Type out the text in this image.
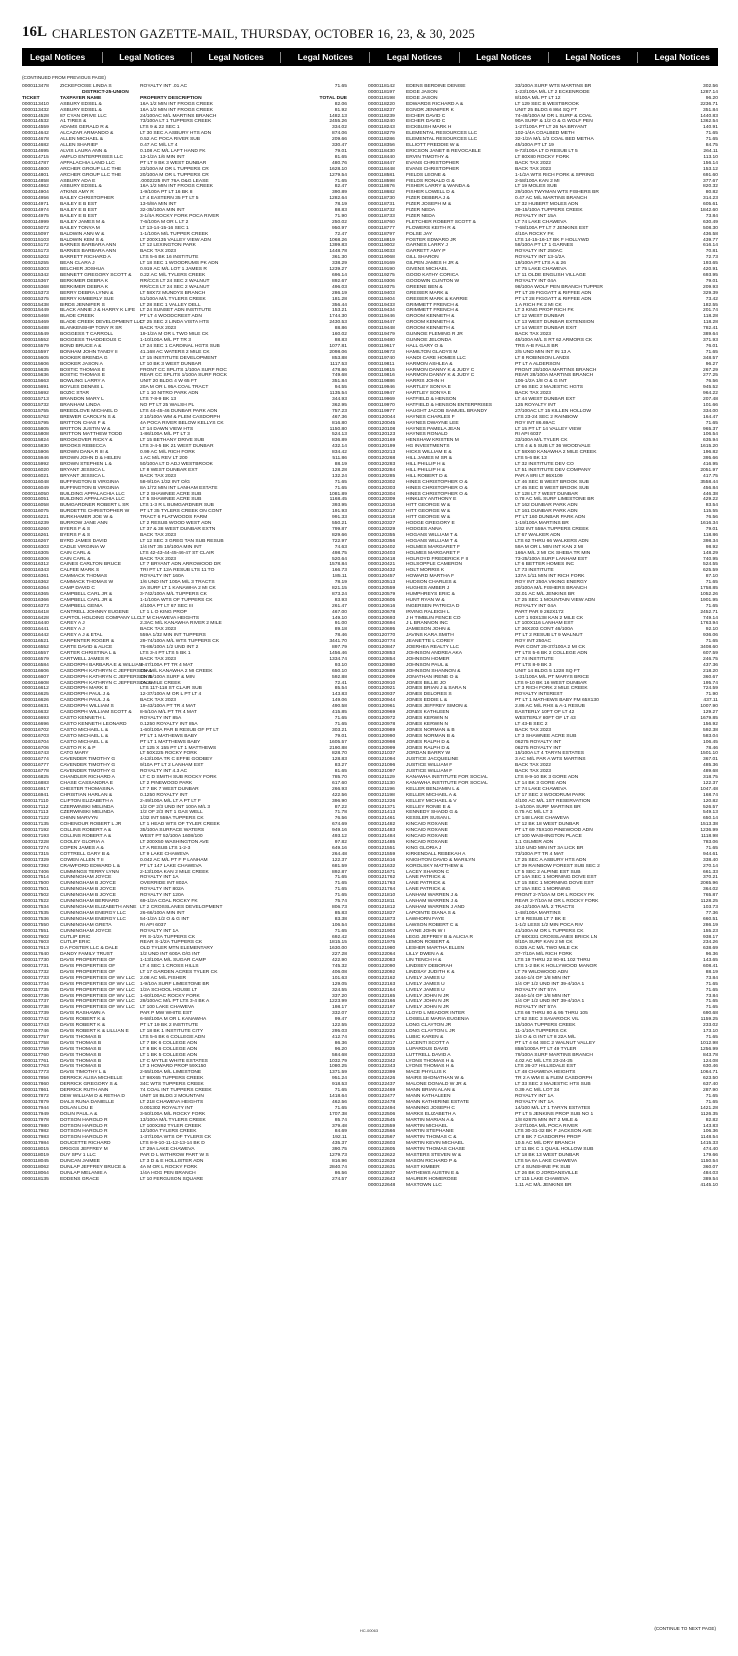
16L CHARLESTON GAZETTE-MAIL, THURSDAY, OCTOBER 16, 23, & 30, 2025
Legal Notices	Legal Notices	Legal Notices	Legal Notices	Legal Notices	Legal Notices	Legal Notices	Legal Notices
(CONTINUED FROM PREVIOUS PAGE)
0000113478	ZICKEFOOSE LINDA S	ROYALTY INT .01 AC	71.65
DISTRICT-25-UNION
TICKET	TAXPAYER NAME	PROPERTY DESCRIPTION	TOTAL DUE
0000113410	ASBURY EDSEL &	16A 1/2 MIN INT FROGS CREEK	82.06
0000113432	ASBURY EDSEL &	16A 1/2 MIN INT FROGS CREEK	81.92
0000114528	87 CYAN DRIVE LLC	24/100AC M/L MARTINS BRANCH	1482.13
0000114532	A1 TIRES &	73/100A LT 1 TUPPERS CREEK	2455.26
0000114559	ADAMS GERALD R &	LTS 9 & 22 SEC 1	334.02
0000114642	ALCAZAR ARMANDO &	LT 30 SEC A ASBURY HTS ADN	874.06
0000114678	ALLEN MICHAEL &	0.52 AC POCA RIVER SUB	209.66
0000114682	ALLEN SHARIEF	0.47 AC M/L LT 4	330.47
0000114695	ALVIS LAURA ANN &	0.108 AC M/L LAFT HAND FK	79.01
0000114715	AMFLO ENTERPRISES LLC	13-1/2A 1/6 MIN INT	81.65
0000114787	APPALACHIA LAND LLC	PT LT 9 BK 3 WEST DUNBAR	480.76
0000114800	ARCHER GROUP LLC THE	23/100A M OR L TUPPERS CR	1628.10
0000114801	ARCHER GROUP LLC THE	20/100A M OR L TUPPERS CR	1279.54
0000114858	ASBURY ADA E	.0002225 INT 76A O&G LEASE	71.65
0000114862	ASBURY EDSEL &	16A 1/2 MIN INT FROGS CREEK	82.47
0000114904	ATKINS AMY R	1-9/100A PT LT 16 BK 8	390.89
0000114956	BAILEY CHRISTOPHER	LT 4 EASTERN 35 FT LT 5	1282.64
0000114971	BAILEY E B EST	13-5/8A MIN INT	78.19
0000114974	BAILEY E B EST	32-35/100A MIN INT	88.83
0000114975	BAILEY E B EST	3-1/4A ROCKY FORK POCA RIVER	71.90
0000114999	BAILEY JAMES M &	7-6/100A M OR L LT 2	250.02
0000115072	BAILEY TONYA M	LT 13-14-15-16 SEC 1	950.97
0000115097	BALDWIN ANN W &	1-1/100A M/L TUPPER CREEK	72.47
0000115103	BALDWIN KEM S &	LT 200X135 VALLEY VIEW ADN	1068.26
0000115172	BARNES BARBARA ANN	LT 12 LEXINGTON PARK	1399.83
0000115173	BARNES BARBARA ANN	BACK TAX 2023	1448.78
0000115202	BARRETT RICHARD A	LTS 5-6 BK 16 INSTITUTE	361.30
0000115255	BEAN CLARA J	LT 18 SEC 1 WOODRUMS PK ADN	338.29
0000115303	BELCHER JOSHUA	0.919 AC M/L LOT 1 JAMES R	1239.27
0000115342	BENNETT GREGORY SCOTT &	0.22 AC M/L TYLERS CREEK	696.14
0000115367	BERKIMER DEBRA K	RR/CCS LT 24 SEC 2 WALNUT	892.67
0000115368	BERKIMER DEBRA K	RR/CCS LT 24 SEC 2 WALNUT	496.03
0000115373	BERRY DEBRA LYNN &	LT 58X72 MUNDYS BRANCH	286.19
0000115375	BERRY KIMBERLY SUE	51/100A M/L TYLERS CREEK	181.28
0000115438	BIRDS JENNIFER S	LT 28 SEC 1 VALLEY DELL	356.44
0000115449	BLACK ANNIE J & HARRY K LIFE LT 24 SUNSET ADN INSTITUTE	153.21
0000115468	BLADE CREEK	PT LT 4 WOODCREST ADN	1744.30
0000115469	BLADE CREEK DEVELOPMENT LLC
LT 25 SEC 2 LINDA VISTA HTS	2430.53
0000115488	BLANKENSHIP TONY R SR	BACK TAX 2023	88.86
0000115549	BOGGESS T CARROLL	19-1/2A M OR L TWO MILE CK	160.02
0000115552	BOGGESS THADDEOUS C	1-10/100A M/L PT TR 3	88.83
0000115579	BOND BRUCE A &	LT 24 SEC 1 CARDINAL HGTS SUB	1077.81
0000115597	BONHAM JOHN TANDY II	41.168 AC WATERS 2 MILE CK	2098.06
0000115605	BOOKER BRENDA G	LT 15 INSTITUTE DEVELOPMENT	853.88
0000115606	BOOKER JASON A	LT 10 BK 3 WEST DUNBAR	1117.53
0000115635	BOSTIC THOMAS E	FRONT CC SPLITS 1/100A SURF ROC	478.86
0000115636	BOSTIC THOMAS E	REAR CC SPLITS 1/100A SURF ROCK	749.68
0000115663	BOWLING LARRY A	UNIT 20 BLDG 4 W 65 FT	351.84
0000115691	BOYLES DENNIS L	20A M OR L 95A COAL TRACT	94.55
0000115692	BOZIC STAR	LT 1 10 NITRO PARK ADN	1135.54
0000115713	BRANDON MARY L	LTS 7-8-9 BK 13	344.93
0000115732	BRANHAM LINDA	NO PT LT 25 WALSH PL	362.95
0000115755	BREEDLOVE MICHAEL D	LTS 44-45-46 DUNBAR PARK ADN	757.23
0000115762	BREWER CAROLYN S &	2 10/100A WM & FLEM CASDORPH	467.36
0000115795	BRITTON CHAS F &	4A POCA RIVER BELOW KELLYS CK	816.80
0000115805	BRITTON JUSTIN W &	LT 14 DAWN VIEW HTS	1150.80
0000115808	BRITTON MATTHEW TODD	1-86/100A M/L PT LT 3	524.13
0000115824	BROOKOVER RICKY &	LT 15 BETHANY DRIVE SUB	836.89
0000115830	BROOKS REBECCA	LTS 3-4-5 BK 21 WEST DUNBAR	432.14
0000115906	BROWN DANA R III &	0.99 AC M/L RICH FORK	834.42
0000115946	BROWN JOHN D & HELEN	1 AC M/L REV LT 200	511.86
0000115992	BROWN STEPHEN L &	50/100A LT D ADJ WESTBROOK	88.19
0000116020	BRYANT JESSICA L	LT 8 WEST DUNBAR EXT	128.28
0000116021	BRYANT JESSICA L	BACK TAX 2023	132.24
0000116048	BUFFINGTON B VIRGINIA	58-9/10A 1/32 INT O/G	71.65
0000116049	BUFFINGTON B VIRGINIA	8A 1/72 MIN INT LANHAM ESTATE	71.65
0000116050	BUILDING APPALACHIA LLC	LT 2 SHAWNEE ACRE SUB	1081.89
0000116051	BUILDING APPALACHIA LLC	LT 5 SHAWNEE ACRE SUB	1168.45
0000116058	BUMGARDNER ROBERT L SR	LTS 1-3 R L BUMGARDNER SUB	393.95
0000116075	BURDETTE CHRISTOPHER W	PT LT 35 TYLERS CREEK ON CONT	191.93
0000116221	BURKHAMER JOE W &	TRACT 6 FLATWOODS FARM	991.33
0000116239	BURROW JANE ANN	LT 2 RESUB WOOD WEST ADN	550.21
0000116260	BYERS F & S	LT 37 & 38 WEST DUNBAR EXTN	799.87
0000116261	BYERS F & S	BACK TAX 2023	829.66
0000116267	BYRD JAMES DAVID	LT 12 SEC 3 GREG TAN SUB RESUB	722.97
0000116303	CADLE VIRGINIA W	1/4 INT 35 19/100A MIN INT	74.63
0000116305	CAIN CARL &	LTS 42-43-44-45-46-47 ST CLAIR	498.75
0000116306	CAIN CARL &	BACK TAX 2023	520.64
0000116312	CAINES CARLTON BRUCE	LT 7 BRYANT ADN ARROWOOD DR	1578.84
0000116343	CALFEE MARK S	TRI PT LT 12A RESUB LTS 11 TO	166.73
0000116361	CAMMACK THOMAS	ROYALTY INT 160A	185.11
0000116362	CAMMACK THOMAS W	1/6 UND INT 100A M/L 3 TRACTS	78.19
0000116364	CAMP DAVID C	2A SURF LT 1 KANAWHA 2 MI CK	821.15
0000116365	CAMPBELL CARL JR &	3-742/100A M/L TUPPERS CK	873.24
0000116366	CAMPBELL CARL JR &	1-1/100A WTS OF TUPPERS CK	83.93
0000116373	CAMPBELL GENIA	4/100A PT LT 67 SEC III	261.47
0000116418	CANTRELL JOHNNY EUGENE	LT 1 L O KING PROP	467.00
0000116428	CAPITOL HOLDING COMPANY LLC LT M CHAWEVA HEIGHTS	149.10
0000116440	CAREY A J	2.3AC M/L KANAWHA RIVER 2 MILE	91.00
0000116441	CAREY A J	BACK TAX 2023	89.18
0000116442	CAREY A J & ETAL	559A 1/32 MIN INT TUPPERS	78.46
0000116521	CARPENTER ROGER &	29-74/100A M/L WTS TUPPERS CK	3441.70
0000116552	CARTE DAVID & ALICE	75-86/100A 1/2 UND INT 2	897.79
0000116557	CARTER CHRISTINA L &	LTS 3-4 PT LTS 5 BK 1	1456.46
0000116579	CARTWELL JAMES R	BACK TAX 2023	1334.74
0000116584	CASDORPH BARBARA E & WILLIAM
1-47/100A PT TR 4 MAT	93.10
0000116606	CASDORPH KATHRYN C JEFFERSON &
10A M/L KANAWHA 2 MI CREEK	650.10
0000116607	CASDORPH KATHRYN C JEFFERSON &
10-79/100A SURF & MIN	592.88
0000116608	CASDORPH KATHRYN C JEFFERSON &
1A 2 MILE CREEK	72.41
0000116612	CASDORPH MARK E	LTS 117-118 ST CLAIR SUB	85.54
0000116625	CASDORPH PAUL J &	12-37/100A M OR L PT LT 4	143.83
0000116626	CASDORPH PAUL J &	BACK TAX 2023	149.06
0000116631	CASDORPH WILLIAM S	19-43/100A PT TR 4 MAT	490.58
0000116632	CASDORPH WILLIAM SCOTT &	8-5/10A M/L PT TR 4 MAT	415.85
0000116693	CASTO KENNETH L	ROYALTY INT 85A	71.65
0000116696	CASTO KENNETH LEONARD	0.1250 ROYALTY INT 85A	71.65
0000116702	CASTO MICHAEL L &	1-60/100A PAR B RESUB OF PT LT	303.21
0000116703	CASTO MICHAEL L &	PT LT 1 MATHEWS BABY	79.01
0000116704	CASTO MICHAEL L &	PT LT 1 MATTHEWS BABY	1605.57
0000116706	CASTO R K & P	LT 125 X 155 PT LT 1 MATTHEWS	2190.88
0000116743	CATO MARY	LT 50X225 ROCKY FORK	828.70
0000116774	CAVENDER TIMOTHY G	4-13/100A TR C EFFIE GODBEY	128.83
0000116777	CAVENDER TIMOTHY G	9/10A PT LT 2 LANHAM EST	83.27
0000116778	CAVENDER TIMOTHY G	ROYALTY INT 4.3 AC	81.65
0000116825	CHANDLER RICHARD A	LT C D SMITH SUB ROCKY FORK	785.70
0000116883	CHASE CASSANDRA E	LT 2 PINEWOOD PARK	617.60
0000116917	CHESTER THOMASINA	LT 7 BK 7 WEST DUNBAR	266.93
0000116941	CHRISTIAN HARLAN &	0.1250 ROYALTY INT	422.56
0000117110	CLIFTON ELIZABETH A	2-49/100A M/L LT A PT LT F	396.90
0000117112	CZERWINSKI MELINDA	1/2 OF 2/3 UND INT 100A M/L 3	87.22
0000117113	CZERWINSKI MELINDA	1/2 OF 2/3 INT 1 GAS WELL	71.78
0000117122	CHINN MARVYN	1/32 INT 559A TUPPERS CK	76.56
0000117135	COHENOUR ROBERT L JR	LT 1 HEAD WTS OF TYLER CREEK	674.69
0000117192	COLLINS ROBERT A &	35/100A SURFACE WATERS	949.16
0000117193	COLLINS ROBERT A &	WEST PT 52/100A 1608/100	493.12
0000117228	COOLEY GLORIA A	LT 200X50 WASHINGTON AVE	97.82
0000117274	COPEN JAMES A &	LT A RESUB LTS 1-2-3	649.16
0000117315	COTTRELL GARY B &	LT 9 LAKE CHAWEVA	264.48
0000117329	COWEN ALLEN T II	0.042 AC M/L PT F P LANHAM	122.37
0000117392	CRAWFORD EDWARD L &	PT LT 147 LAKE CHAWEVA	681.59
0000117406	CUMMINGS TERRY LYNN	2-13/100A KAN 2 MILE CREEK	892.87
0000117514	CUNNINGHAM JOYCE	ROYALTY INT 1A	71.65
0000117500	CUNNINGHAM B JOYCE	OVERRIDE INT 802A	71.65
0000117501	CUNNINGHAM B JOYCE	ROYALTY INT 802A	71.65
0000117502	CUNNINGHAM B JOYCE	ROYALTY INT 120A	71.65
0000117522	CUNNINGHAM BERNARD	69-1/2A COAL ROCKY FK	75.74
0000117534	CUNNINGHAM ELIZABETH ANNE LT 2 CROSSLANES DEVELOPMENT	806.73
0000117535	CUNNINGHAM ENERGY LLC	26-66/100A MIN INT	85.83
0000117536	CUNNINGHAM ENERGY LLC	54-1/2A 1/2 O & G INT	83.38
0000117550	CUNNINGHAM GRETA	RI API 6037	106.54
0000117551	CUNNINGHAM JOYCE	ROYALTY INT 1A	71.65
0000117602	CUTLIP ERIC	FR S-1/2A TUPPERS CK	692.42
0000117603	CUTLIP ERIC	REAR S-1/2A TUPPERS CK	1815.15
0000117613	D A FOSTER LLC & DALE	OLD TYLER MTN ELEMENTARY	1630.00
0000117640	DANDY FAMILY TRUST	1/2 UND INT 600A O/G INT	227.28
0000117730	DAVIS PROPERTIES OF	1-13/100A M/L SUGAR CAMP	422.90
0000117731	DAVIS PROPERTIES OF	LT 4 SEC 1 CROSS HILLS	745.32
0000117732	DAVIS PROPERTIES OF	LT 17 GARDEN ACRES TYLER CK	406.08
0000117733	DAVIS PROPERTIES OF WV LLC	2.08 AC M/L FISHER	101.63
0000117734	DAVIS PROPERTIES OF WV LLC	1-9/10A SURF LIMESTONE BR	129.05
0000117735	DAVIS PROPERTIES OF WV LLC	1/2A SCHOOL HOUSE LT	324.55
0000117736	DAVIS PROPERTIES OF WV LLC	1-60/100AC ROCKY FORK	337.20
0000117737	DAVIS PROPERTIES OF WV LLC	29/100AC M/L PT LTS 3-4 BK A	1223.99
0000117738	DAVIS PROPERTIES OF WV LLC	LT 100 LAKE CHAWEVA	198.17
0000117739	DAVIS RASHAWN A	PAR P MW WHITE EST	332.07
0000117742	DAVIS ROBERT K &	6-58/100A M OR L KANAWHA	99.47
0000117743	DAVIS ROBERT K &	PT LT 19 BK 2 INSTITUTE	122.55
0000117746	DAVIS ROBERT K & LILLIAN E	LT 18 BK 1 INSTITUTE CITY	295.03
0000117757	DAVIS THOMAS B	LTS 5-6 BK 6 COLLEGE ADN	412.74
0000117758	DAVIS THOMAS B	LT 7 BK 6 COLLEGE ADN	86.36
0000117759	DAVIS THOMAS B	LT 8 BK 6 COLLEGE ADN	96.20
0000117760	DAVIS THOMAS B	LT 1 BK 5 COLLEGE ADN	584.68
0000117761	DAVIS THOMAS B	LT C MYTLE WHITE ESTATES	1032.79
0000117763	DAVIS THOMAS B	LT 3 HOWARD PROP 59X150	1080.25
0000117773	DAVIS TIMOTHY L &	2-55/100A M/L LIMESTONE	1371.59
0000117856	DERRICK ALISA MICHELLE	LT 98X65 TUPPERS CREEK	951.24
0000117860	DERRICK GREGORY S &	34C WTS TUPPERS CREEK	918.53
0000117861	DERRICK RUTH ANN	74 COAL INT TUPPERS CREEK	71.65
0000117872	DEW WILLIAM D & RETHA D	UNIT 18 BLDG 2 MOUNTAIN	1418.64
0000117879	DIALS RUNA DANIELLE	LT 218 CHAWEVA HEIGHTS	462.56
0000117944	DOLAN LOU E	0.001302 ROYALTY INT	71.65
0000117949	DOLIN PAUL A &	3-50/100A M/L ROCKY FORK	1707.38
0000117978	DOTSON HAROLD R	13/100A M/L TYLERS CREEK	85.74
0000117980	DOTSON HAROLD R	LT 100X292 TYLER CREEK	379.48
0000117982	DOTSON HAROLD R	12/100A TYLERS CREEK	84.69
0000117983	DOTSON HAROLD R	1-37/100A WTS OF TYLERS CK	192.11
0000117984	DOUCETTE RICHARD	LTS 8-9-10-11-12-13-14 BK D	435.37
0000118015	DRIGGS JEFFREY M	LT 29A LAKE CHAWEVA	390.75
0000118019	DUY SPV 1 LLC	PAR D L WITHROW PART W S	1279.73
0000118045	DUNCAN JAIMEE	LT 3 D & E HOLLISTER ADN	816.96
0000118062	DUNLAP JEFFREY BRUCE &	4A M OR L ROCKY FORK	2840.74
0000118064	DUNLAP MELANIE A	1/4A HOG PEN BRANCH	86.56
0000118135	EDDENS GRACE	LT 10 FERGUSON SQUARE	274.57
0000118142	EDENS BERDINE DENISE	33/100A SURF WTS MARTINS BR	302.56
0000118197	EDGE JASON	1-23/100A M/L LT 2 ECKENRODE	1287.14
0000118198	EDGE JASON	8/100A M/L PT LT 12	96.20
0000118220	EDWARDS RICHARD A &	LT 129 SEC B WESTBROOK	2236.71
0000118237	EGNOR JENNIFER K	UNIT 25 BLDG 6 864 SQ FT	351.84
0000118239	EICHER DAVID C	74-49/100A M OR L SURF & COAL	1440.83
0000118240	EICHER DAVID C	90A SURF & 1/2 O & G WOLF PEN	1362.54
0000118243	EICKBUSH MARK H	1-27/100A PT LT 26 NA BRYANT	140.91
0000118279	ELEMENTAL RESOURCES LLC	102-1/4A COALBED METH	71.65
0000118286	ELEMENTAL RESOURCES LLC	32-1/2A M/L 1/3 COAL BED METHA	71.65
0000118356	ELLIOTT FREDDIE W &	45/100A PT LT 19	84.75
0000118430	ERICSON JANET B REVOCABLE	9-73/100A LT D RESUB LT 5	264.11
0000118440	ERVIN TIMOTHY &	LT 80X80 ROCKY FORK	113.10
0000118447	EVANS CHRISTOPHER	BACK TAX 2022	156.14
0000118448	EVANS CHRISTOPHER	BACK TAX 2023	153.12
0000118581	FIELDS LEONE &	1-1/2A WTS RICH FORK & SPRING	691.60
0000118598	FIELDS RONALD G &	2-58/100A KAN 2 MI	377.67
0000118676	FISHER LARRY & WANDA &	LT 19 MOLES SUB	820.32
0000118682	FISHER LOWELL D &	29/100A TWYMAN WTS FISHERS BR	80.82
0000118730	FIZER DEBBRA J &	0.47 AC M/L MARTINS BRANCH	314.23
0000118731	FIZER JOSEPH M &	LT 32 HUBERT MOLES ADN	605.61
0000118732	FIZER NEDA	39-15/100A TUPPERS CREEK	1842.60
0000118733	FIZER NEDA	ROYALTY INT 15A	73.84
0000118760	FLETCHER ROBERT SCOTT &	LT 74 LAKE CHAWEVA	630.49
0000118777	FLOWERS KEITH R &	7-68/100A PT LT 7 JENKINS EST	508.30
0000118797	FOLSE JAY	4/10A ROCKY FK	436.58
0000118819	FOSTER EDWARD JR	LTS 14-15-16-17 BK F HOLLYWD	439.77
0000119002	GARNES LARRY J	58/100A PT LT 1 GARNES	616.14
0000119033	GARRETT AMY P	ROYALTY INT 250AC	70.81
0000119068	GILL SHARON	ROYALTY INT 13-1/2A	72.73
0000119169	GILPEN JAMES H JR &	19/100A PT LTS A & 26	193.65
0000119190	GIVENS MICHAEL	LT 75 LAKE CHAWEVA	420.91
0000119275	GOOD KATHY CORICA	LT 11 OLDE ENGLISH VILLAGE	693.95
0000119306	GOODWIN CLINTON W	ROYALTY INT 04A	79.01
0000119375	GREENE BEN &	98/100A WOLF PEN BRANCH TUPPER	209.93
0000119403	GREISER MARK &	PT LT 29 FIGGATT & RIFFEE ADN	329.39
0000119404	GREISER MARK & KARRIE	PT LT 28 FIGGATT & RIFFEE ADN	73.42
0000119433	GRIMMETT FRENCH &	1 A RICH FK 2 MI CK	182.55
0000119434	GRIMMETT FRENCH &	LT 3 KING PROP RICH FK	201.74
0000119446	GROOM KENNETH &	LT 12 WEST DUNBAR	118.28
0000119447	GROOM KENNETH &	LT 13 WEST DUNBAR EXTENSION	118.28
0000119448	GROOM KENNETH &	LT 14 WEST DUNBAR EXIT	782.41
0000119479	GUNNOE FLEMING R JR	BACK TAX 2023	389.64
0000119480	GUNNOE JELONDA	45/100A M/L S RT 62 ARMORS CK	371.93
0000119617	HALL GARY O &	TRS A-B FALLS BR	76.01
0000119673	HAMILTON GLADYS M	2/5 UND MIN INT IN 13 A	71.65
0000119740	HANDI CARE HOMES LLC	LT 8 ROBINSON LANDS	348.57
0000119811	HARMON ASHLEA &	PT LT A ALDERSON	96.27
0000119815	HARMON DANNY K & JUDY C	FRONT 28/100A MARTINS BRANCH	267.29
0000119816	HARMON DANNY K & JUDY C	REAR 28/100A MARTINS BRANCH	277.25
0000119886	HARRIS JOHN H	106-1/2A 1/8 O & G INT	76.56
0000119946	HARTLEY SONYA E	LT 66 SEC 2 MAJESTIC HGTS	945.52
0000119947	HARTLEY SONYA E	BACK TAX 2023	964.22
0000119969	HATFIELD & HENSON	LT 44 WEST DUNBAR EXT	207.48
0000119970	HATFIELD & HENSON ENTERPRISES	125 ROYALTY INT	101.66
0000119977	HAUGHT JACOB SAMUEL BRANDY	27/100AC LT 15 KILLEN HOLLOW	334.00
0000120044	HAYNES CHARLES F	LTS 23-24 SEC 2 RAINBOW	164.47
0000120045	HAYNES DWAYNE LEE	ROY INT 86.69AC	71.65
0000120108	HAYNES PAMELA JEAN	LT 15 PT LT 14 VALLEY VIEW	965.37
0000120123	HAYNES RONALD	RI API 6037	106.54
0000120169	HENSHAW KRISTEN M	33/100A M/L TYLER CK	635.94
0000120199	HG INVESTMENTS	LTS 4 & 5 SUB LT 36 WOODVALE	1615.20
0000120213	HICKS WILLIAM E &	LT 58X60 KANAWHA 2 MILE CREEK	196.82
0000120268	HILL JAMES M SR &	LTS 5-6 BK 13	395.66
0000120283	HILL PHILLIP H &	LT 32 INSTITUTE DEV CO	416.95
0000120284	HILL PHILLIP H &	LT 51 INSTITUTE DEV COMPANY	2051.97
0000120285	HILL ROBERT D &	PAR A 8RI LT 86X109	417.75
0000120302	HINES CHRISTOPHER O &	LT 46 SEC B WEST BROOK SUB	3558.44
0000120303	HINES CHRISTOPHER O &	LT 45 SEC B WEST BROOK SUB	456.84
0000120304	HINES CHRISTOPHER O &	LT 128 LT 7 WEST DUNBAR	446.38
0000120309	HINKLEY ANTHONY E	0.78 AC M/L SURF LIMESTONE BR	429.22
0000120316	HITT GEORGE W &	LT 162 DUNBAR PARK ADN	83.54
0000120317	HITT GEORGE W &	LT 161 DUNBAR PARK ADN	115.55
0000120318	HITT GEORGE W &	PT LT 160 DUNBAR PARK ADN	76.56
0000120327	HODGE GREGORY E	1-19/100A MARTINS BR	1616.34
0000120329	HODGES ANNA	1/32 INT 559A TUPPERS CREEK	79.01
0000120355	HOGANS WILLIAM T &	LT 67 WALKER ADN	118.86
0000120356	HOGANS WILLIAM T &	LTS 62 THRU 66 WALKERS ADN	398.34
0000120402	HOLMES MARGARET F	59A M OR L MIN INT KAN 2 MI	98.92
0000120403	HOLMES MARGARET F	166A M/L 2 MI CK SHEBA TR MIN	148.29
0000120418	HOLROYD FREDERICK F II	73-25/100A SURF LANHAM EST	740.95
0000120421	HOLSOPPLE CAMERON	LT 6 BETTER HOMES INC	524.55
0000120432	HOLT MORRIS K	LT 73 INSTITUTE	625.59
0000120457	HOWARD MARTHA F	137A 1/11 MIN INT RICH FORK	87.10
0000120513	HUDSON CHARLES &	ROY INT 250A VIKING ENERGY	71.65
0000120559	HUGHES AMBER J	20/100A M/L FISHERS BRANCH	1758.85
0000120579	HUMPHREYS ERIC &	32.01 AC M/L JENKINS BR	1052.26
0000120605	HUNT RYAN W &	LT 25 SEC 1 MOUNTAIN VIEW ADN	1901.95
0000120616	INGERSEN PATRICIA D	ROYALTY INT 04A	71.65
0000120678	IRVING RALEIGH L	PART PAR 9 262X172	2452.71
0000120693	J H TIMBLIN FENCE CO	LOT 1 93X138 KAN 2 MILE CK	749.14
0000120694	J L BRANNON INC	LT 100X116 LANHAM EST	1763.94
0000120695	JAMIESON JOHN &	LT 36X203 CONT 46/100A	92.10
0000120770	JAVINS KARA SMITH	PT LT 2 RESUB LT 9 WALNUT	936.06
0000120774	JEANETTE L COREY	ROY INT 250AC	71.65
0000120847	JOERHEA REALTY LLC	PAR CONT 29-37/100A 2 MI CK	3408.60
0000120853	JOHNSON ANDREA AKA	PT LTS 5-6 BK 2 COLLEGE ADN	607.59
0000120854	JOHNSON HOMER	LT 74 INSTITUTE	246.75
0000120880	JOHNSON PAUL &	PT LTS 8-9 BK 3	437.36
0000120889	JOHNSON SHANNON &	UNIT 14 BLDG 5 1228 SQ FT	218.20
0000120909	JONATHAN IRENE O &	1-31/100A M/L PT MARYS BRICE	360.67
0000120910	JONES BILLIE JO	LTS 9-10 BK 16 WEST DUNBAR	195.74
0000120921	JONES BRIAN J & SARA N	LT 3 RICH FORK 2 MILE CREEK	724.59
0000120937	JONES DELORES S	ROYALTY INTEREST	71.90
0000120944	JONES EDDIE L &	PT LT 1 MATHEWS BABY FM 65X130	437.11
0000120961	JONES JEFFREY SIMON &	2.86 AC M/L RHS & A-1 RESUB	1007.90
0000120969	JONES KATHLEEN	EASTERLY 10FT OF LT 42	129.27
0000120972	JONES KERWIN N	WESTERLY 80FT OF LT 43	1679.85
0000120978	JONES KERWIN N	LT 43-B SEC 2	156.92
0000120989	JONES NORMAN & B	BACK TAX 2023	592.38
0000120990	JONES NORMAN B &	LT 3 SHAWNEE ACRE SUB	583.04
0000120998	JONES RALPH D &	06275 ROYALTY INT	106.45
0000120999	JONES RALPH D &	06275 ROYALTY INT	78.46
0000121037	JORDAN BARRY W	15/100A LT 4 TARYN ESTATES	1501.10
0000121094	JUSTICE JACQUELINE	3 AC M/L PAR A WTS MARTINS	367.01
0000121096	JUSTICE WILLIAM F	BACK TAX 2022	485.36
0000121097	JUSTICE WILLIAM F	BACK TAX 2023	489.68
0000121129	KANAWHA INSTITUTE FOR SOCIAL	LTS 8-9-10 BK 3 GORE ADN	318.75
0000121130	KANAWHA INSTITUTE FOR SOCIAL	LT 14 BK 3 GORE ADN	122.37
0000121196	KELLER BENJAMIN L &	LT 74 LAKE CHAWEVA	1047.48
0000121198	KELLER MICHAEL A &	LT 17 SEC 2 WOODRUM PARK	168.74
0000121226	KELLEY MICHAEL & V	4/100 AC M/L 1ST RESERVATION	120.82
0000121371	KELLEY RONIE E &	1-4/100A SURF MARTINS BR	526.57
0000121413	KENNEDY SHADD G &	0.75 AC M/L LT 3	549.13
0000121461	KESSLER SUSAN L	LT 148 LAKE CHAWEVA	650.14
0000121482	KINCAID ROXANE	LT 12 BK 18 WEST DUNBAR	1513.38
0000121483	KINCAID ROXANE	PT LT 69 75X100 PINEWOOD ADN	1236.99
0000121484	KINCAID ROXANE	LT 100 WASHINGTON PLACE	1118.98
0000121485	KINCAID ROXANE	1.1 GILMER ADN	783.06
0000121551	KING GLORIA J	1/10 UND MIN INT 3A LICK BR	71.65
0000121559	KIRKENDALL REBEKAH A	73/100A PT TR 4 MAT	944.61
0000121616	KNIGHTON DAVID & MARILYN	LT 25 SEC A ASBURY HTS ADN	338.40
0000121632	KOROLSKY MATTHEW &	LT 39 RAINBOW FOREST SUB SEC 2	270.14
0000121671	LACEY SHARON C	LT 5 SEC 2 ALPINE EST SUB	661.33
0000121762	LANE PATRICK &	LT 14A SEC 1 MORNING DOVE EST	370.21
0000121763	LANE PATRICK &	LT 15 SEC 1 MORNING DOVE EST	2065.96
0000121764	LANE PATRICK &	LT 15A SEC 1 MORNING	364.02
0000121810	LANHAM WARREN J &	FRONT 2-7/10A M OR L ROCKY FK	765.87
0000121811	LANHAM WARREN J &	REAR 2-7/10A M OR L ROCKY FORK	1128.25
0000121812	LANHAM WARREN J AND	24-12/100A M/L 2 TRACTS	103.73
0000121827	LAPOINTE DIANA S &	1-48/100A MARTINS	77.36
0000121873	LAWHORN FAYE	LT 8 RESUB LT 7 BK E	660.51
0000121884	LAWSON ROBERT C &	1-1/2 LESS 1/2 MIN POCA RIV	286.19
0000121903	LAYNE JOHN W I	41/100A M OR L TUPPERS CK	155.23
0000121946	LEGG JEFFREY B & ALICIA R	LT 68X331 CROSSLANES BRICK LN	938.17
0000121975	LEMON ROBERT &	9/10A SURF KAN 2 MI CK	234.26
0000121980	LESHER MARTHA ELLEN	0.325 AC M/L TWO MILE CK	638.69
0000122064	LILLY DWEN A &	37-7/10A M/L RICH FORK	96.36
0000122083	LIN TENCH H &	LTS 19 THRU 22 90-91 102 THRU	143.65
0000122090	LINDSEY DEBORAH	LTS 1-2 BK K HOLLYWOOD MANOR	608.41
0000122092	LINDSAY JUDITH K &	LT 79 WILDWOOD ADN	88.19
0000122162	LIVELY JAMES U	2444-1/4 OF 1/8 MIN INT	73.84
0000122163	LIVELY JAMES U	1/4 OF 1/2 UND INT 39-4/10A 1	71.65
0000122164	LIVELY JAMES U	ROYALTY INT 57A	71.65
0000122165	LIVELY JOHN N JR	2444-1/4 OF 1/8 MIN INT	73.84
0000122166	LIVELY JOHN N JR	1/4 OF 1/2 UND INT 39-4/10A 1	71.65
0000122167	LIVELY JOHN N JR	ROYALTY INT 57A	71.65
0000122173	LLOYD L MEADOR INTER	LTS 66 THRU 80 & 95 THRU 105	690.68
0000122212	LOISELLE MARIA EUGENIA	LT 62 SEC 3 SAVAROCK VIL	1159.25
0000122222	LONG CLAYTON JR	15/100A TUPPERS CREEK	233.02
0000122223	LONG CLAYTON L JR	11-1/10A TUPPERS CK	173.10
0000122291	LUBIC KAREN &	1/4 O & G INT LT 8 22A M/L	71.65
0000122317	LUCENTI SCOTT A	PT LT 4 64 SEC 2 WALNUT VALLEY	1012.98
0000122325	LUPARDUS DAVID	858/1000A PT LT 49 TYLER	1256.99
0000122333	LUTTRELL DAVID A	79/100A SURF MARTINS BRANCH	843.78
0000122342	LYONS THOMAS H &	4.02 AC M/L LTS 23-24-25	124.08
0000122343	LYONS THOMAS H &	LTS 26-27 HILLSDALE EST	630.46
0000122399	MACE PHYLLIS K	LT 48 CHAWEVA HEIGHTS	1064.71
0000122426	MAIRS SHONATHAN W &	TR 2 A WM E & FLEM CASDORPH	623.50
0000122437	MALONE DONALD W JR &	LT 33 SEC 2 MAJESTIC HTS SUB	637.40
0000122469	MANN BRIAN ALAN &	0.39 AC M/L LOT 34	287.90
0000122477	MANN KATHALEEN	ROYALTY INT 1A	71.65
0000122478	MANN KATHERINE ESTATE	ROYALTY INT 1A	71.65
0000122494	MANNING JOSEPH C	14/100 M/L LT 1 TARYN ESTATES	1421.28
0000122506	MARKS ELIZABETH A	PT LT 5 JENKINS PROP SUB NO 1	1126.35
0000122545	MARTIN MARIAN A &	1/8 62675 MIN INT 2 MILE &	82.82
0000122559	MARTIN MICHAEL	2-37/100A M/L POCA RIVER	143.83
0000122566	MARTIN STEPHANIE	LTS 30-31-32 BK F JACKSON AVE	106.36
0000122567	MARTIN THOMAS C &	LT 8 BK 7 CASDORPH PROP	1148.54
0000122603	MARTIN KEVIN MICHAEL	10.5 AC M/L DRY BRANCH	1415.33
0000122605	MARTIN THOMAS CHASE	LT 11 BK C 1 QUAIL HOLLOW SUB	474.40
0000122622	MASTERS STEVEN W &	LT 18 BK 13 WEST DUNBAR	179.66
0000122628	MASON RICHARD P &	LTS 5A 6A LAKE CHAWEVA	1150.54
0000122631	MAST KIMBER	LT 4 SUNSHINE PK SUB	360.07
0000122637	MATHEWS AUSTIN E &	LT 26 BK D JORDANSVILLE	484.03
0000122643	MAURER HOMEROSE	LT 115 LAKE CHAWEVA	389.54
0000122648	MAXTOWN LLC	1.11 AC M/L JENKINS BR	4145.10
HC-00063	(CONTINUE TO NEXT PAGE)
